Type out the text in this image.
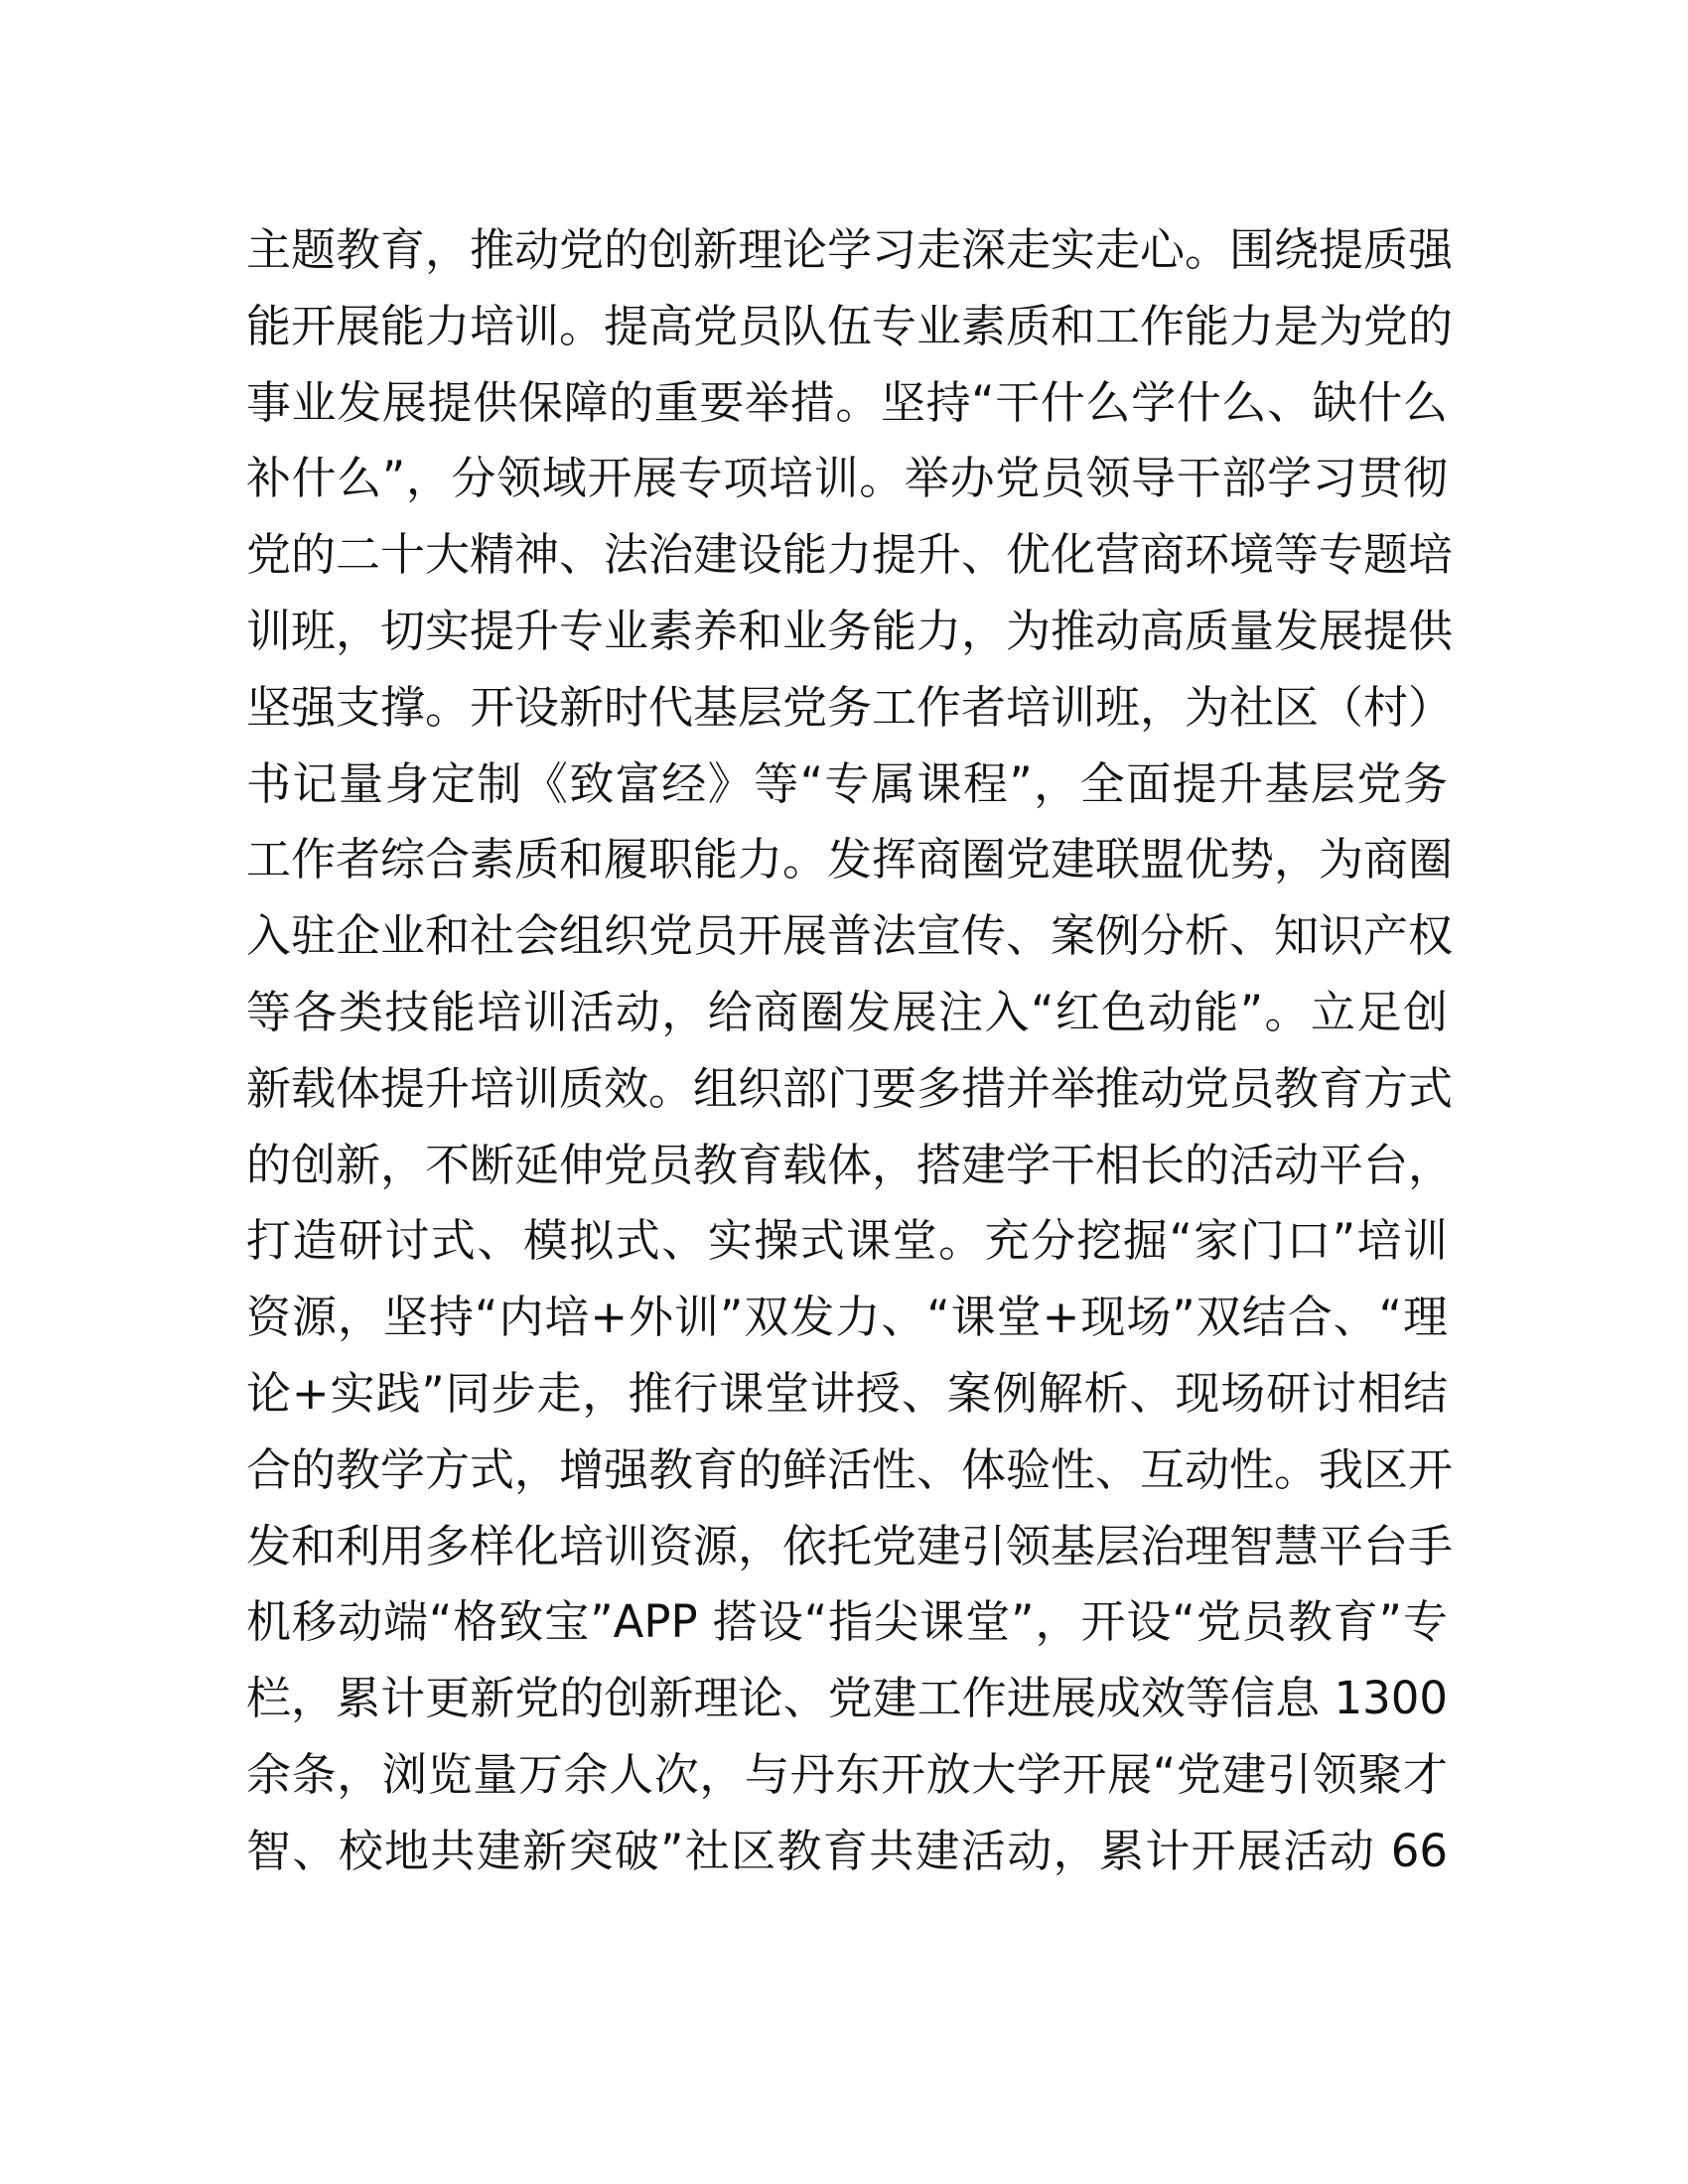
主题教育，推动党的创新理论学习走深走实走心。围绕提质强
能开展能力培训。提高党员队伍专业素质和工作能力是为党的
事业发展提供保障的重要举措。坚持“干什么学什么、缺什么
补什么”，分领域开展专项培训。举办党员领导干部学习贯彻
党的二十大精神、法治建设能力提升、优化营商环境等专题培
训班，切实提升专业素养和业务能力，为推动高质量发展提供
坚强支撑。开设新时代基层党务工作者培训班，为社区（村）
书记量身定制《致富经》等“专属课程”，全面提升基层党务
工作者综合素质和履职能力。发挥商圈党建联盟优势，为商圈
入驻企业和社会组织党员开展普法宣传、案例分析、知识产权
等各类技能培训活动，给商圈发展注入“红色动能”。立足创
新载体提升培训质效。组织部门要多措并举推动党员教育方式
的创新，不断延伸党员教育载体，搭建学干相长的活动平台，
打造研讨式、模拟式、实操式课堂。充分挖掘“家门口”培训
资源，坚持“内培+外训”双发力、“课堂+现场”双结合、“理
论+实践”同步走，推行课堂讲授、案例解析、现场研讨相结
合的教学方式，增强教育的鲜活性、体验性、互动性。我区开
发和利用多样化培训资源，依托党建引领基层治理智慧平台手
机移动端“格致宝”APP 搭设“指尖课堂”，开设“党员教育”专
栏，累计更新党的创新理论、党建工作进展成效等信息 1300
余条，浏览量万余人次，与丹东开放大学开展“党建引领聚才
智、校地共建新突破”社区教育共建活动，累计开展活动 66
